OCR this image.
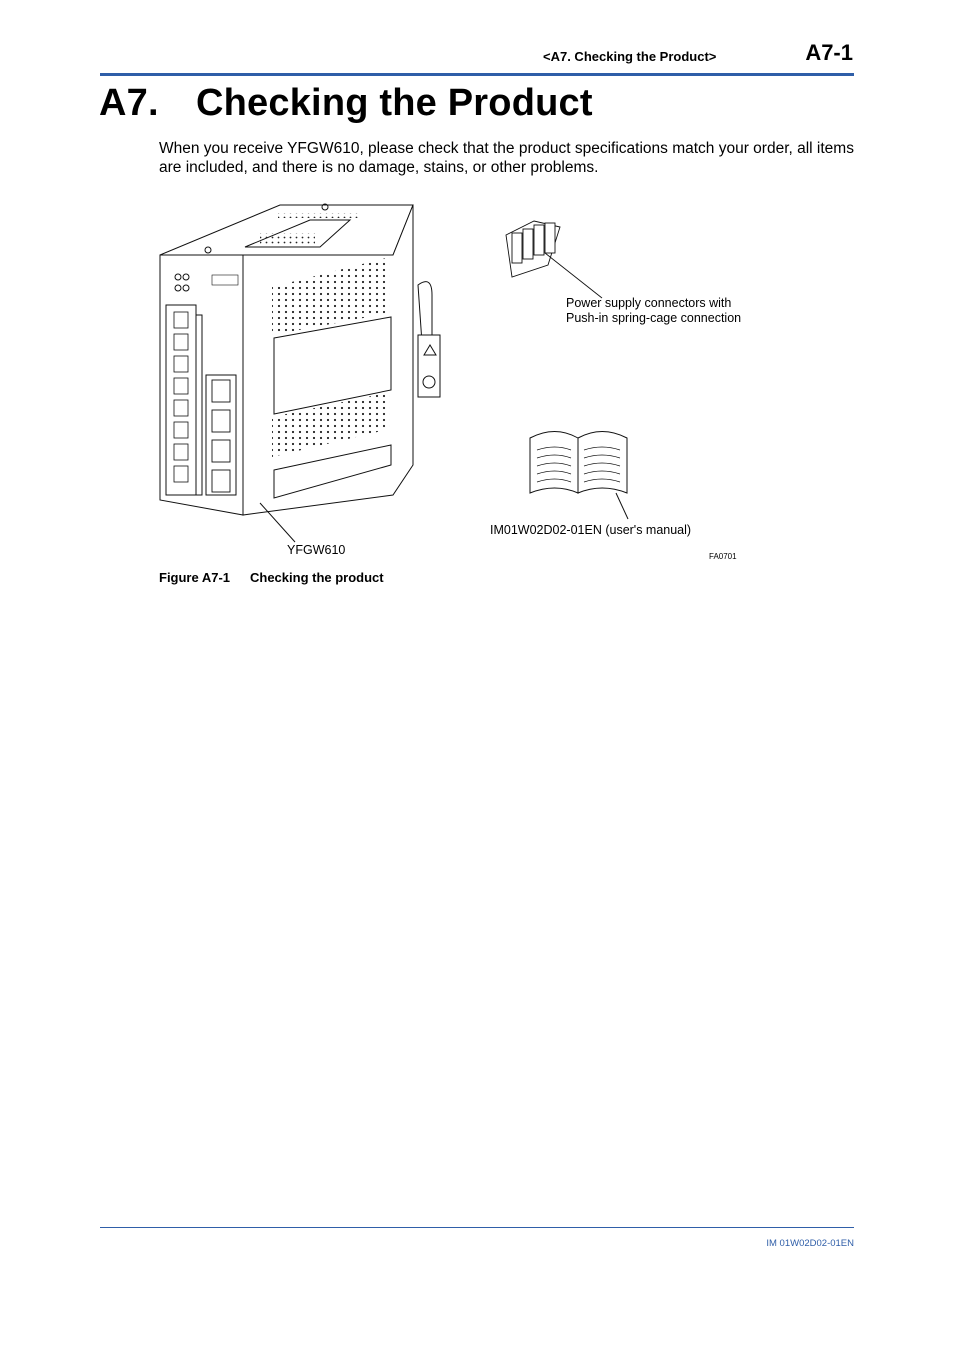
<A7. Checking the Product>	A7-1
A7. Checking the Product
When you receive YFGW610, please check that the product specifications match your order, all items are included, and there is no damage, stains, or other problems.
Power supply connectors with
Push-in spring-cage connection
IM01W02D02-01EN (user's manual)
YFGW610	FA0701
Figure A7-1 Checking the product
IM 01W02D02-01EN
